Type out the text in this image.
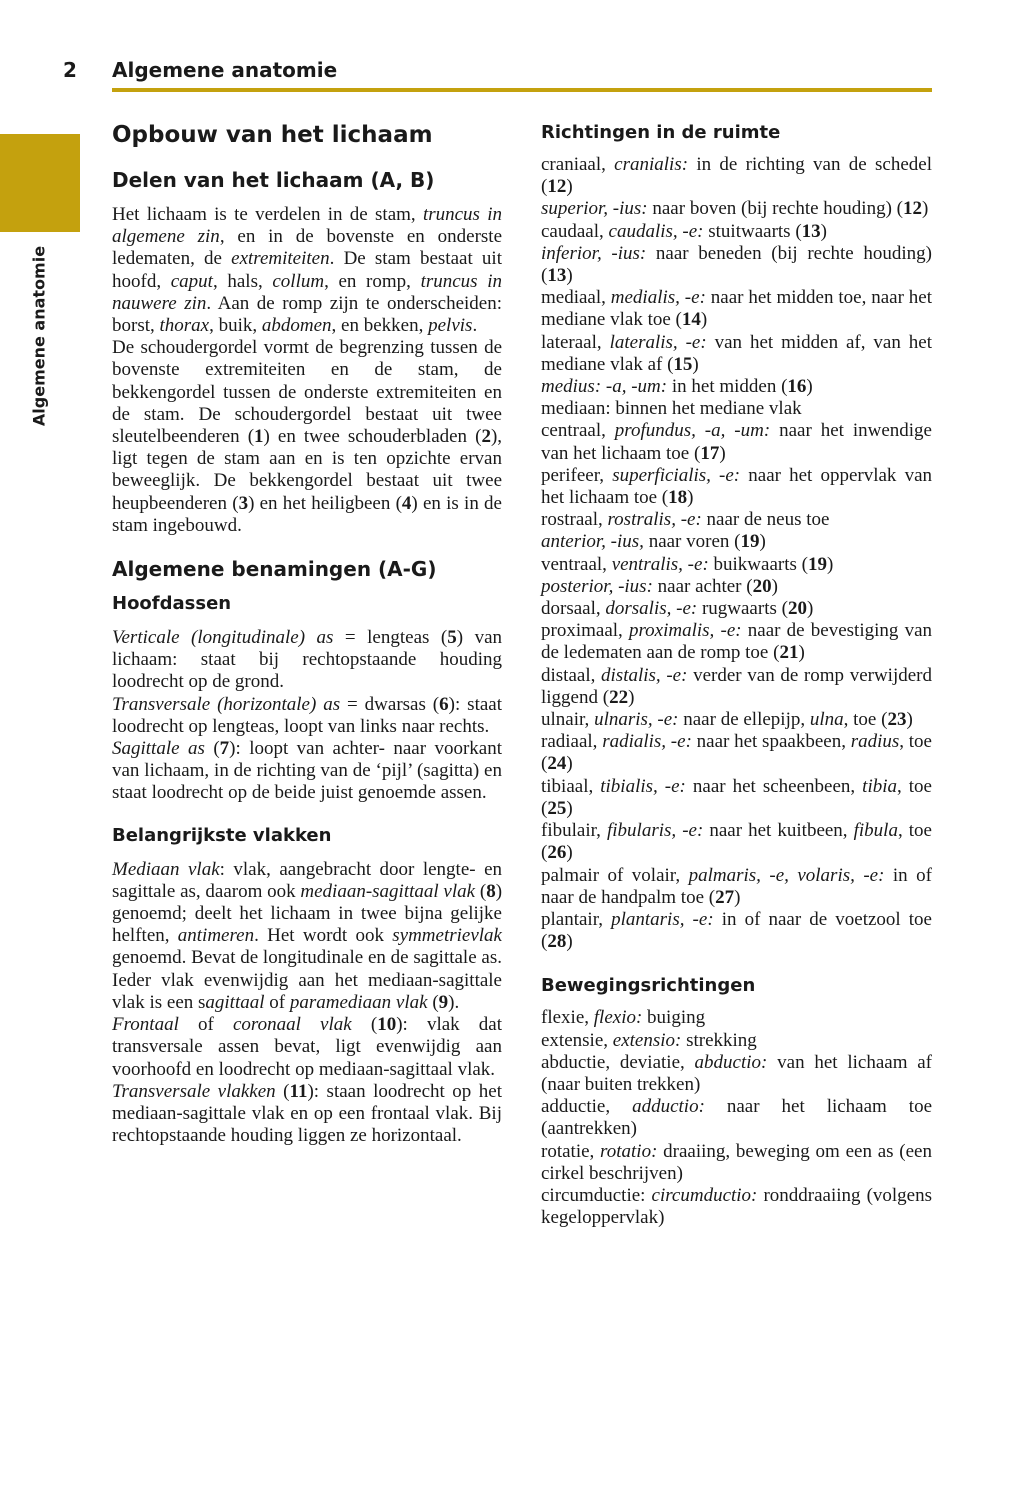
2 Algemene anatomie
Algemene anatomie
Opbouw van het lichaam
Delen van het lichaam (A, B)

Het lichaam is te verdelen in de stam, truncus in algemene zin, en in de bovenste en onderste ledematen, de extremiteiten. De stam bestaat uit hoofd, caput, hals, collum, en romp, truncus in nauwere zin. Aan de romp zijn te onderscheiden: borst, thorax, buik, abdomen, en bekken, pelvis.

De schoudergordel vormt de begrenzing tussen de bovenste extremiteiten en de stam, de bekkengordel tussen de onderste extremiteiten en de stam. De schoudergordel bestaat uit twee sleutelbeenderen (1) en twee schouderbladen (2), ligt tegen de stam aan en is ten opzichte ervan beweeglijk. De bekkengordel bestaat uit twee heupbeenderen (3) en het heiligbeen (4) en is in de stam ingebouwd.

Algemene benamingen (A-G)
Hoofdassen

Verticale (longitudinale) as = lengteas (5) van lichaam: staat bij rechtopstaande houding loodrecht op de grond.

Transversale (horizontale) as = dwarsas (6): staat loodrecht op lengteas, loopt van links naar rechts.

Sagittale as (7): loopt van achter- naar voorkant van lichaam, in de richting van de ‘pijl’ (sagitta) en staat loodrecht op de beide juist genoemde assen.

Belangrijkste vlakken

Mediaan vlak: vlak, aangebracht door lengte- en sagittale as, daarom ook mediaan-sagittaal vlak (8) genoemd; deelt het lichaam in twee bijna gelijke helften, antimeren. Het wordt ook symmetrievlak genoemd. Bevat de longitudinale en de sagittale as. Ieder vlak evenwijdig aan het mediaan-sagittale vlak is een sagittaal of paramediaan vlak (9).

Frontaal of coronaal vlak (10): vlak dat transversale assen bevat, ligt evenwijdig aan voorhoofd en loodrecht op mediaan-sagittaal vlak.

Transversale vlakken (11): staan loodrecht op het mediaan-sagittale vlak en op een frontaal vlak. Bij rechtopstaande houding liggen ze horizontaal.

Richtingen in de ruimte

craniaal, cranialis: in de richting van de schedel (12)

superior, -ius: naar boven (bij rechte houding) (12)

caudaal, caudalis, -e: stuitwaarts (13)

inferior, -ius: naar beneden (bij rechte houding) (13)

mediaal, medialis, -e: naar het midden toe, naar het mediane vlak toe (14)

lateraal, lateralis, -e: van het midden af, van het mediane vlak af (15)

medius: -a, -um: in het midden (16)

mediaan: binnen het mediane vlak

centraal, profundus, -a, -um: naar het inwendige van het lichaam toe (17)

perifeer, superficialis, -e: naar het oppervlak van het lichaam toe (18)

rostraal, rostralis, -e: naar de neus toe

anterior, -ius, naar voren (19)

ventraal, ventralis, -e: buikwaarts (19)

posterior, -ius: naar achter (20)

dorsaal, dorsalis, -e: rugwaarts (20)

proximaal, proximalis, -e: naar de bevestiging van de ledematen aan de romp toe (21)

distaal, distalis, -e: verder van de romp verwijderd liggend (22)

ulnair, ulnaris, -e: naar de ellepijp, ulna, toe (23)

radiaal, radialis, -e: naar het spaakbeen, radius, toe (24)

tibiaal, tibialis, -e: naar het scheenbeen, tibia, toe (25)

fibulair, fibularis, -e: naar het kuitbeen, fibula, toe (26)

palmair of volair, palmaris, -e, volaris, -e: in of naar de handpalm toe (27)

plantair, plantaris, -e: in of naar de voetzool toe (28)

Bewegingsrichtingen

flexie, flexio: buiging

extensie, extensio: strekking

abductie, deviatie, abductio: van het lichaam af (naar buiten trekken)

adductie, adductio: naar het lichaam toe (aantrekken)

rotatie, rotatio: draaiing, beweging om een as (een cirkel beschrijven)

circumductie: circumductio: ronddraaiing (volgens kegeloppervlak)
